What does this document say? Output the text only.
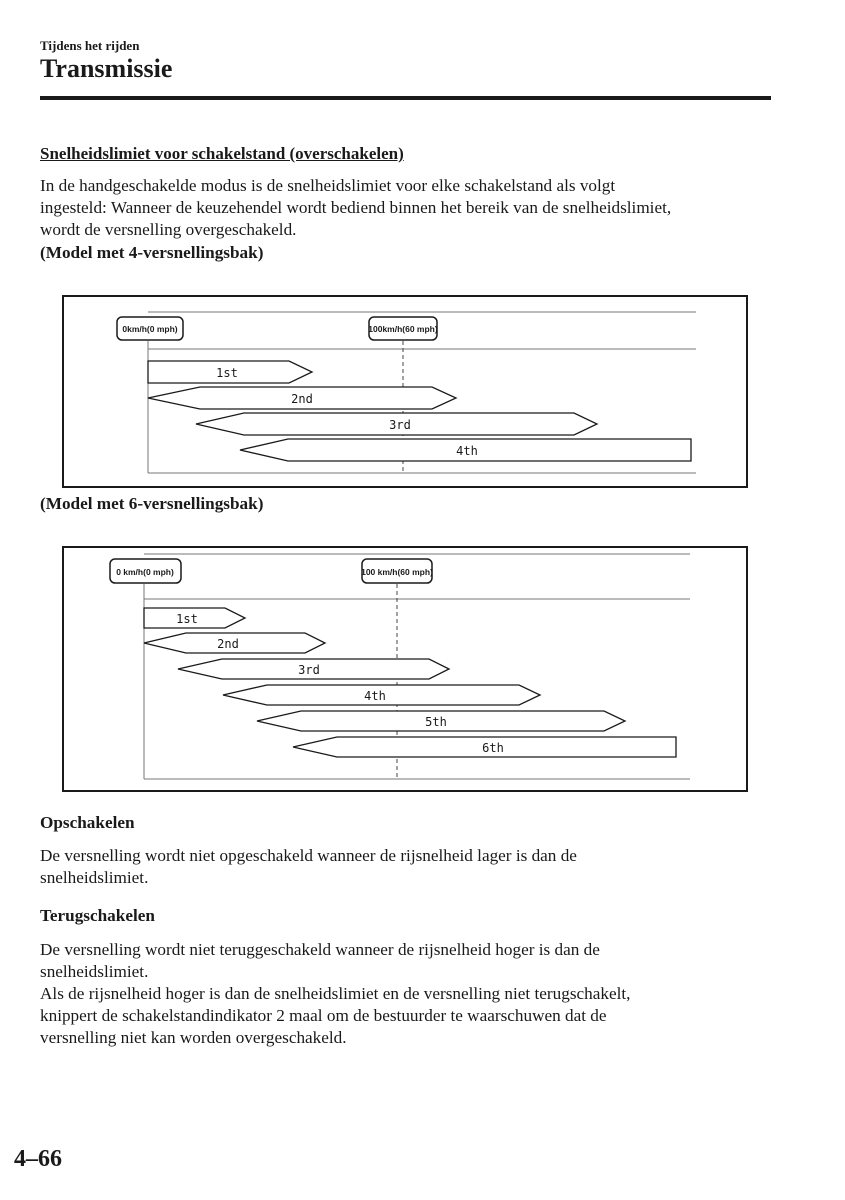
Tijdens het rijden
Transmissie
Snelheidslimiet voor schakelstand (overschakelen)
In de handgeschakelde modus is de snelheidslimiet voor elke schakelstand als volgt
ingesteld: Wanneer de keuzehendel wordt bediend binnen het bereik van de snelheidslimiet,
wordt de versnelling overgeschakeld.
(Model met 4-versnellingsbak)
0km/h(0 mph)	100km/h(60 mph)
1st
2nd
3rd
4th
(Model met 6-versnellingsbak)
0 km/h(0 mph)	100 km/h(60 mph)
1st
2nd
3rd
4th
5th
6th
Opschakelen
De versnelling wordt niet opgeschakeld wanneer de rijsnelheid lager is dan de
snelheidslimiet.
Terugschakelen
De versnelling wordt niet teruggeschakeld wanneer de rijsnelheid hoger is dan de
snelheidslimiet.
Als de rijsnelheid hoger is dan de snelheidslimiet en de versnelling niet terugschakelt,
knippert de schakelstandindikator 2 maal om de bestuurder te waarschuwen dat de
versnelling niet kan worden overgeschakeld.
4–66
